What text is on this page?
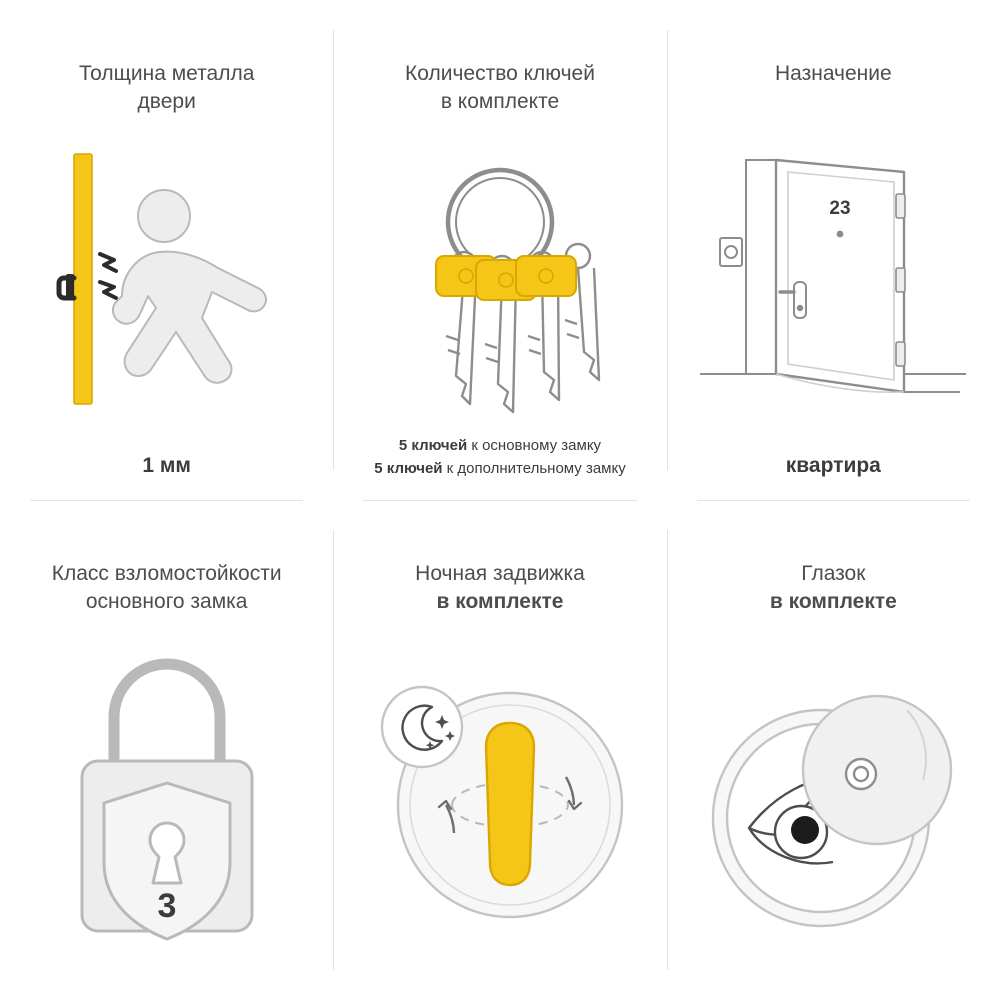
Толщина металла
двери
1 мм
Количество ключей
в комплекте
5 ключей к основному замку
5 ключей к дополнительному замку
Назначение
23
квартира
Класс взломостойкости
основного замка
3
Ночная задвижка
в комплекте
Глазок
в комплекте
